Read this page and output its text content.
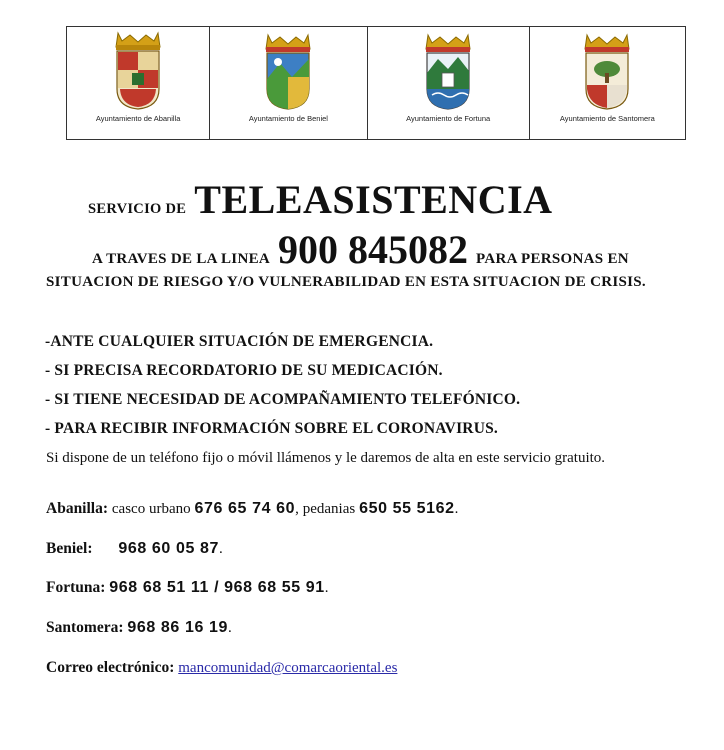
Ayuntamiento de Abanilla	Ayuntamiento de Beniel	Ayuntamiento de Fortuna	Ayuntamiento de Santomera
SERVICIO DE TELEASISTENCIA
A TRAVES DE LA LINEA 900 845082 PARA PERSONAS EN
SITUACION DE RIESGO Y/O VULNERABILIDAD EN ESTA SITUACION DE CRISIS.
-ANTE CUALQUIER SITUACIÓN DE EMERGENCIA.
- SI PRECISA RECORDATORIO DE SU MEDICACIÓN.
- SI TIENE NECESIDAD DE ACOMPAÑAMIENTO TELEFÓNICO.
- PARA RECIBIR INFORMACIÓN SOBRE EL CORONAVIRUS.
Si dispone de un teléfono fijo o móvil llámenos y le daremos de alta en este servicio gratuito.
Abanilla: casco urbano 676 65 74 60, pedanias 650 55 5162.
Beniel: 968 60 05 87.
Fortuna: 968 68 51 11 / 968 68 55 91.
Santomera: 968 86 16 19.
Correo electrónico: mancomunidad@comarcaoriental.es
